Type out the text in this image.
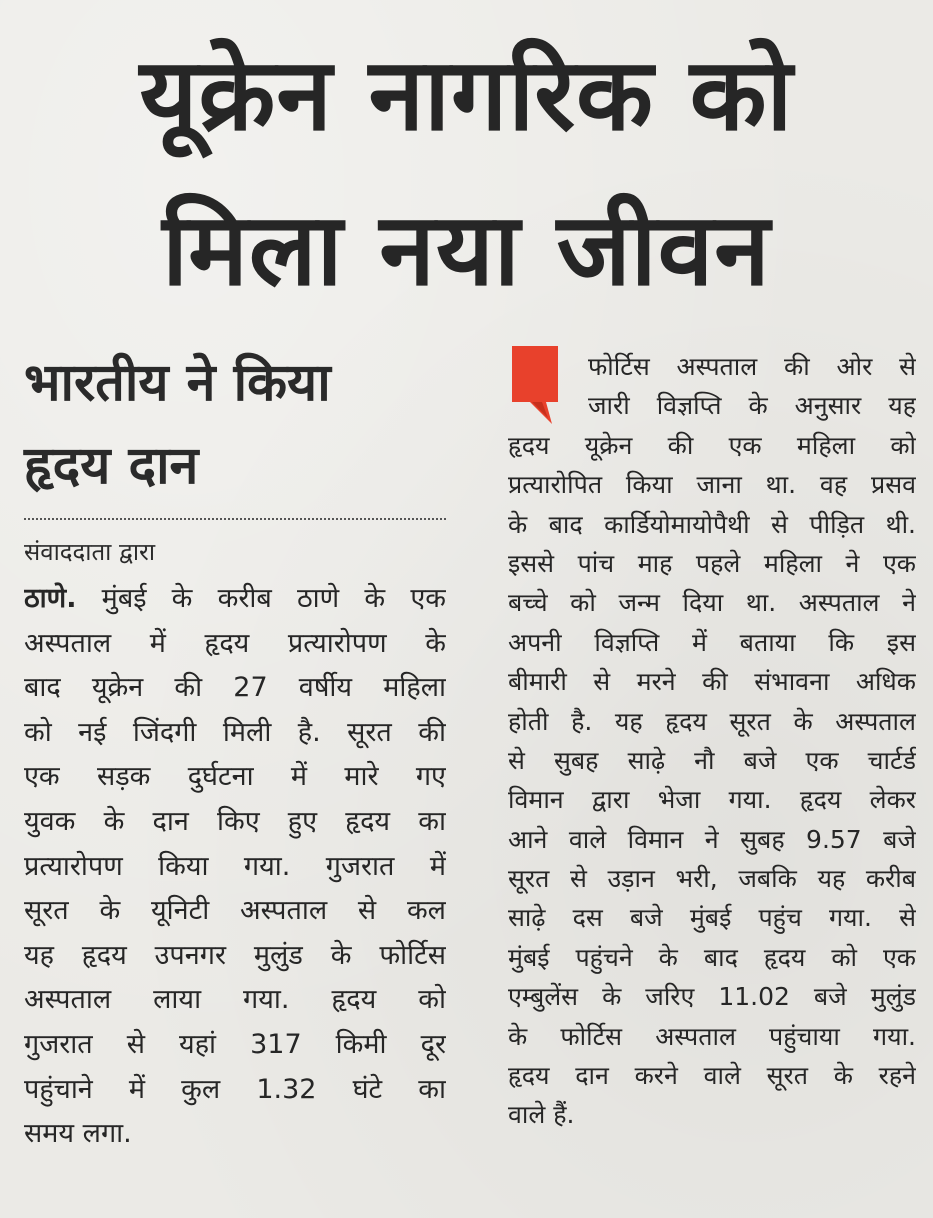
यूक्रेन नागरिक को
मिला नया जीवन
भारतीय ने किया
हृदय दान
संवाददाता द्वारा
ठाणे. मुंबई के करीब ठाणे के एक
अस्पताल में हृदय प्रत्यारोपण के
बाद यूक्रेन की 27 वर्षीय महिला
को नई जिंदगी मिली है. सूरत की
एक सड़क दुर्घटना में मारे गए
युवक के दान किए हुए हृदय का
प्रत्यारोपण किया गया. गुजरात में
सूरत के यूनिटी अस्पताल से कल
यह हृदय उपनगर मुलुंड के फोर्टिस
अस्पताल लाया गया. हृदय को
गुजरात से यहां 317 किमी दूर
पहुंचाने में कुल 1.32 घंटे का
समय लगा.
फोर्टिस अस्पताल की ओर से
जारी विज्ञप्ति के अनुसार यह
हृदय यूक्रेन की एक महिला को
प्रत्यारोपित किया जाना था. वह प्रसव
के बाद कार्डियोमायोपैथी से पीड़ित थी.
इससे पांच माह पहले महिला ने एक
बच्चे को जन्म दिया था. अस्पताल ने
अपनी विज्ञप्ति में बताया कि इस
बीमारी से मरने की संभावना अधिक
होती है. यह हृदय सूरत के अस्पताल
से सुबह साढ़े नौ बजे एक चार्टर्ड
विमान द्वारा भेजा गया. हृदय लेकर
आने वाले विमान ने सुबह 9.57 बजे
सूरत से उड़ान भरी, जबकि यह करीब
साढ़े दस बजे मुंबई पहुंच गया. से
मुंबई पहुंचने के बाद हृदय को एक
एम्बुलेंस के जरिए 11.02 बजे मुलुंड
के फोर्टिस अस्पताल पहुंचाया गया.
हृदय दान करने वाले सूरत के रहने
वाले हैं.
